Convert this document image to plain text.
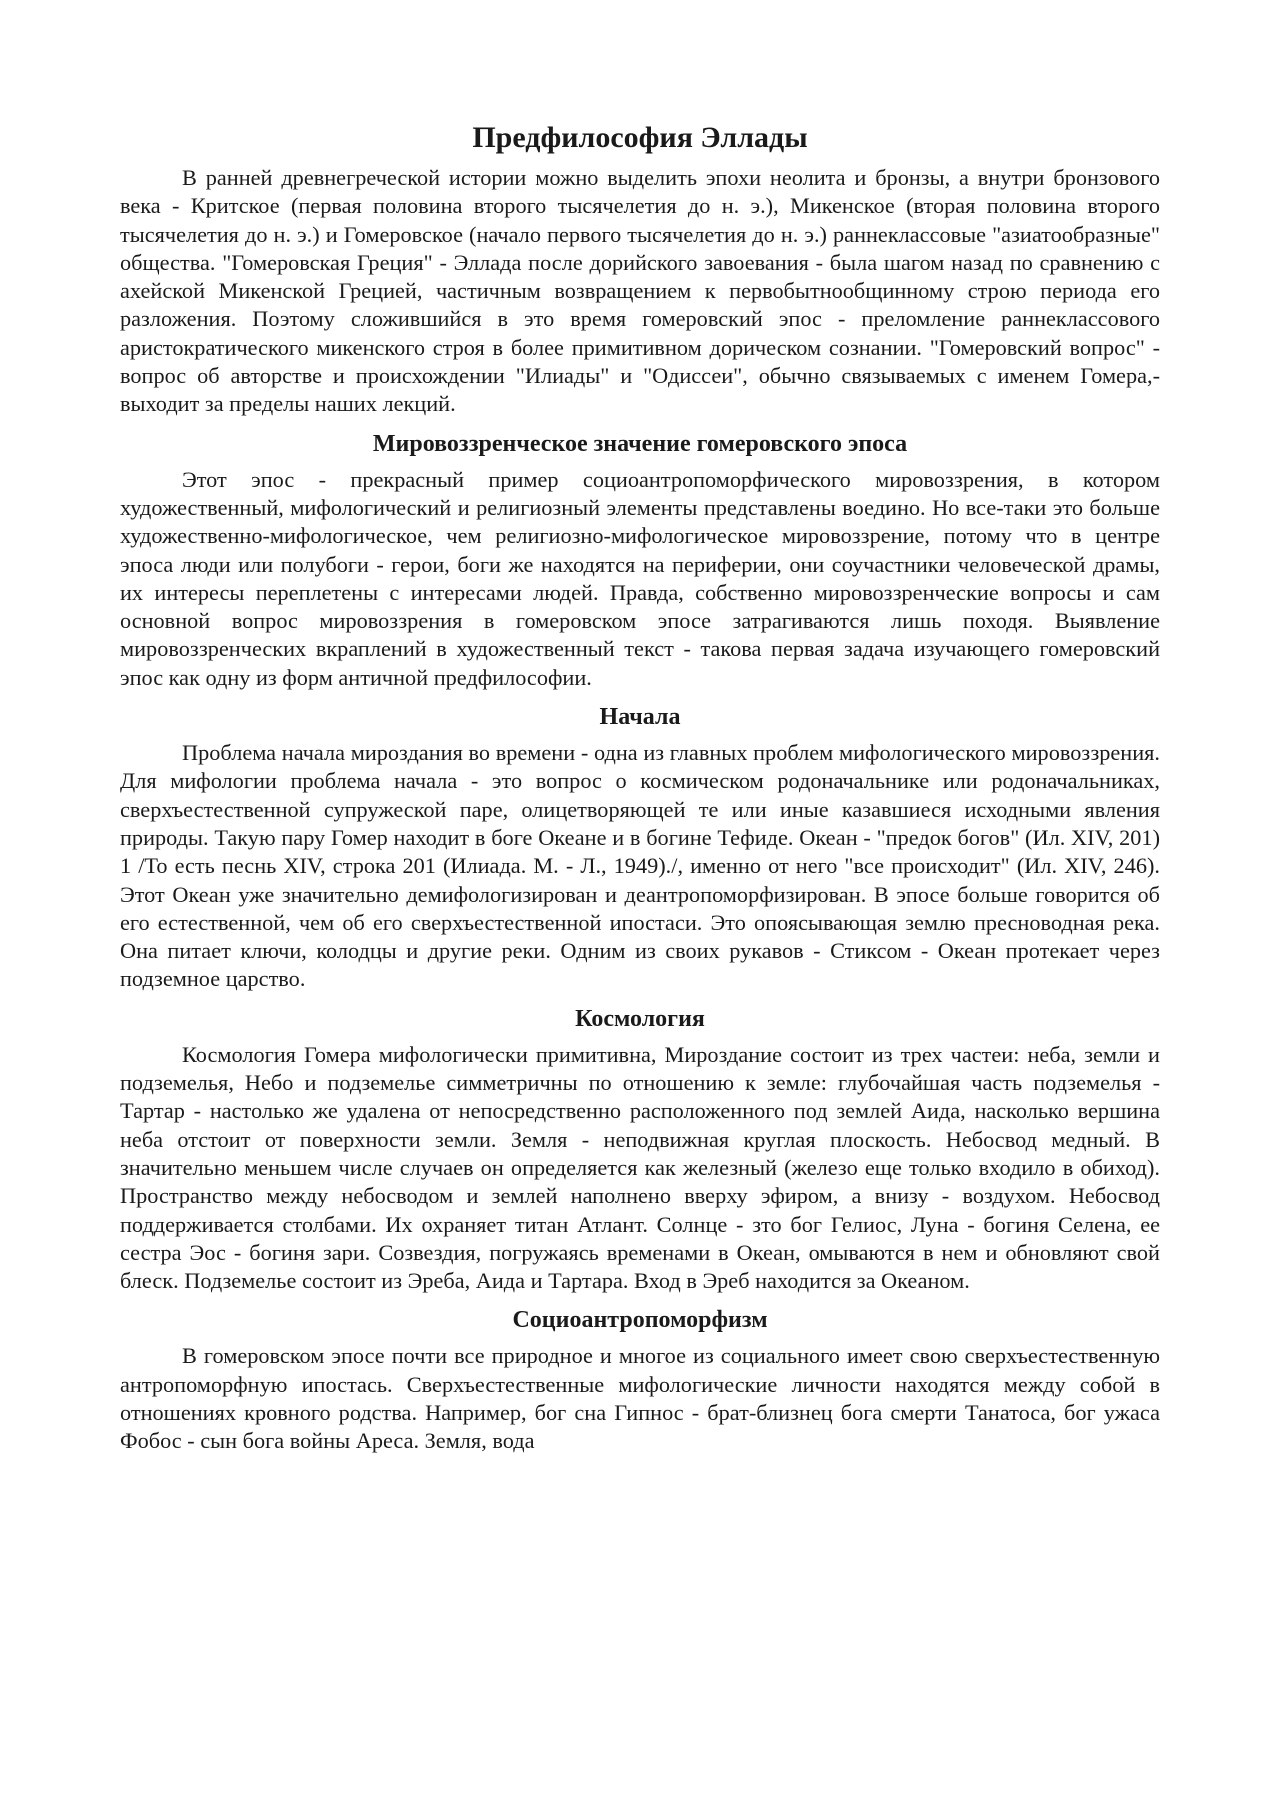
Предфилософия Эллады

В ранней древнегреческой истории можно выделить эпохи неолита и бронзы, а внутри бронзового века - Критское (первая половина второго тысячелетия до н. э.), Микенское (вторая половина второго тысячелетия до н. э.) и Гомеровское (начало первого тысячелетия до н. э.) раннеклассовые "азиатообразные" общества. "Гомеровская Греция" - Эллада после дорийского завоевания - была шагом назад по сравнению с ахейской Микенской Грецией, частичным возвращением к первобытнообщинному строю периода его разложения. Поэтому сложившийся в это время гомеровский эпос - преломление раннеклассового аристократического микенского строя в более примитивном дорическом сознании. "Гомеровский вопрос" - вопрос об авторстве и происхождении "Илиады" и "Одиссеи", обычно связываемых с именем Гомера,- выходит за пределы наших лекций.

Мировоззренческое значение гомеровского эпоса

Этот эпос - прекрасный пример социоантропоморфического мировоззрения, в котором художественный, мифологический и религиозный элементы представлены воедино. Но все-таки это больше художественно-мифологическое, чем религиозно-мифологическое мировоззрение, потому что в центре эпоса люди или полубоги - герои, боги же находятся на периферии, они соучастники человеческой драмы, их интересы переплетены с интересами людей. Правда, собственно мировоззренческие вопросы и сам основной вопрос мировоззрения в гомеровском эпосе затрагиваются лишь походя. Выявление мировоззренческих вкраплений в художественный текст - такова первая задача изучающего гомеровский эпос как одну из форм античной предфилософии.

Начала

Проблема начала мироздания во времени - одна из главных проблем мифологического мировоззрения. Для мифологии проблема начала - это вопрос о космическом родоначальнике или родоначальниках, сверхъестественной супружеской паре, олицетворяющей те или иные казавшиеся исходными явления природы. Такую пару Гомер находит в боге Океане и в богине Тефиде. Океан - "предок богов" (Ил. XIV, 201) 1 /То есть песнь XIV, строка 201 (Илиада. М. - Л., 1949)./, именно от него "все происходит" (Ил. XIV, 246). Этот Океан уже значительно демифологизирован и деантропоморфизирован. В эпосе больше говорится об его естественной, чем об его сверхъестественной ипостаси. Это опоясывающая землю пресноводная река. Она питает ключи, колодцы и другие реки. Одним из своих рукавов - Стиксом - Океан протекает через подземное царство.

Космология

Космология Гомера мифологически примитивна, Мироздание состоит из трех частеи: неба, земли и подземелья, Небо и подземелье симметричны по отношению к земле: глубочайшая часть подземелья - Тартар - настолько же удалена от непосредственно расположенного под землей Аида, насколько вершина неба отстоит от поверхности земли. Земля - неподвижная круглая плоскость. Небосвод медный. В значительно меньшем числе случаев он определяется как железный (железо еще только входило в обиход). Пространство между небосводом и землей наполнено вверху эфиром, а внизу - воздухом. Небосвод поддерживается столбами. Их охраняет титан Атлант. Солнце - зто бог Гелиос, Луна - богиня Селена, ее сестра Эос - богиня зари. Созвездия, погружаясь временами в Океан, омываются в нем и обновляют свой блеск. Подземелье состоит из Эреба, Аида и Тартара. Вход в Эреб находится за Океаном.

Социоантропоморфизм

В гомеровском эпосе почти все природное и многое из социального имеет свою сверхъестественную антропоморфную ипостась. Сверхъестественные мифологические личности находятся между собой в отношениях кровного родства. Например, бог сна Гипнос - брат-близнец бога смерти Танатоса, бог ужаса Фобос - сын бога войны Ареса. Земля, вода
